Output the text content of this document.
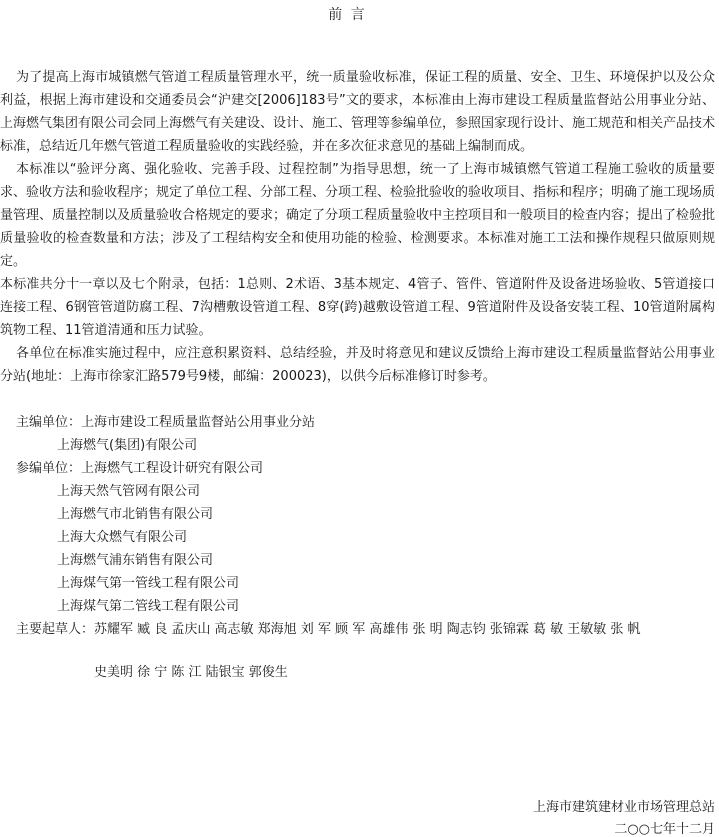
前 言

为了提高上海市城镇燃气管道工程质量管理水平，统一质量验收标准，保证工程的质量、安全、卫生、环境保护以及公众利益，根据上海市建设和交通委员会“沪建交[2006]183号”文的要求，本标准由上海市建设工程质量监督站公用事业分站、上海燃气集团有限公司会同上海燃气有关建设、设计、施工、管理等参编单位，参照国家现行设计、施工规范和相关产品技术标准，总结近几年燃气管道工程质量验收的实践经验，并在多次征求意见的基础上编制而成。

本标准以“验评分离、强化验收、完善手段、过程控制”为指导思想，统一了上海市城镇燃气管道工程施工验收的质量要求、验收方法和验收程序；规定了单位工程、分部工程、分项工程、检验批验收的验收项目、指标和程序；明确了施工现场质量管理、质量控制以及质量验收合格规定的要求；确定了分项工程质量验收中主控项目和一般项目的检查内容；提出了检验批质量验收的检查数量和方法；涉及了工程结构安全和使用功能的检验、检测要求。本标准对施工工法和操作规程只做原则规定。

本标准共分十一章以及七个附录，包括：1总则、2术语、3基本规定、4管子、管件、管道附件及设备进场验收、5管道接口连接工程、6钢管管道防腐工程、7沟槽敷设管道工程、8穿(跨)越敷设管道工程、9管道附件及设备安装工程、10管道附属构筑物工程、11管道清通和压力试验。

各单位在标准实施过程中，应注意积累资料、总结经验，并及时将意见和建议反馈给上海市建设工程质量监督站公用事业分站(地址：上海市徐家汇路579号9楼，邮编：200023)，以供今后标准修订时参考。

主编单位：上海市建设工程质量监督站公用事业分站
上海燃气(集团)有限公司
参编单位：上海燃气工程设计研究有限公司
上海天然气管网有限公司
上海燃气市北销售有限公司
上海大众燃气有限公司
上海燃气浦东销售有限公司
上海煤气第一管线工程有限公司
上海煤气第二管线工程有限公司
主要起草人：苏耀军 臧 良 孟庆山 高志敏 郑海旭 刘 军 顾 军 高雄伟 张 明 陶志钧 张锦霖 葛 敏 王敏敏 张 帆
史美明 徐 宁 陈 江 陆银宝 郭俊生
上海市建筑建材业市场管理总站
二○○七年十二月
